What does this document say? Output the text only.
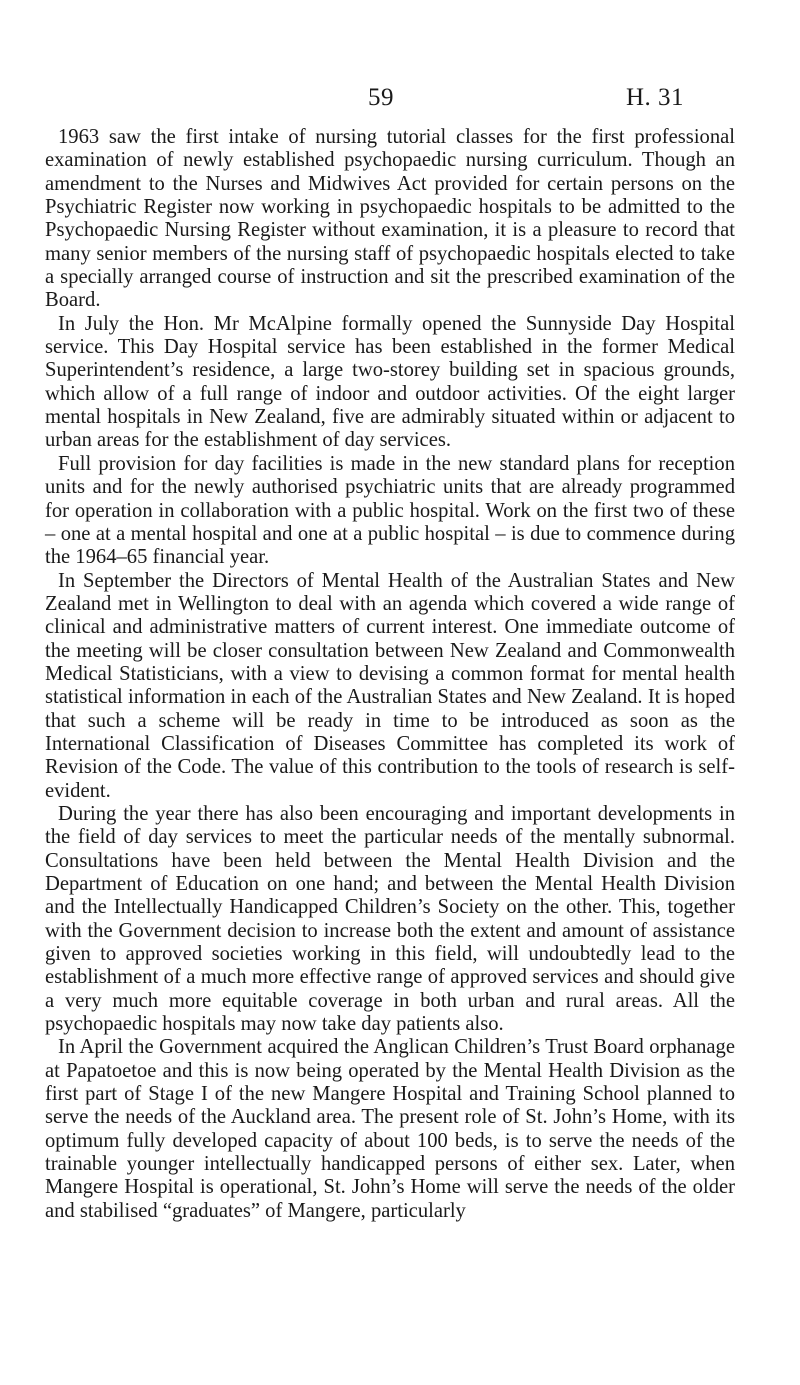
59	H. 31

1963 saw the first intake of nursing tutorial classes for the first professional examination of newly established psychopaedic nursing curriculum. Though an amendment to the Nurses and Midwives Act provided for certain persons on the Psychiatric Register now working in psychopaedic hospitals to be admitted to the Psychopaedic Nursing Register without examination, it is a pleasure to record that many senior members of the nursing staff of psychopaedic hospitals elected to take a specially arranged course of instruction and sit the prescribed examination of the Board.

In July the Hon. Mr McAlpine formally opened the Sunnyside Day Hospital service. This Day Hospital service has been established in the former Medical Superintendent’s residence, a large two-storey building set in spacious grounds, which allow of a full range of indoor and outdoor activities. Of the eight larger mental hospitals in New Zealand, five are admirably situated within or adjacent to urban areas for the establishment of day services.

Full provision for day facilities is made in the new standard plans for reception units and for the newly authorised psychiatric units that are already programmed for operation in collaboration with a public hospital. Work on the first two of these – one at a mental hospital and one at a public hospital – is due to commence during the 1964–65 financial year.

In September the Directors of Mental Health of the Australian States and New Zealand met in Wellington to deal with an agenda which covered a wide range of clinical and administrative matters of current interest. One immediate outcome of the meeting will be closer consultation between New Zealand and Commonwealth Medical Statisticians, with a view to devising a common format for mental health statistical information in each of the Australian States and New Zealand. It is hoped that such a scheme will be ready in time to be introduced as soon as the International Classification of Diseases Committee has completed its work of Revision of the Code. The value of this contribution to the tools of research is self-evident.

During the year there has also been encouraging and important developments in the field of day services to meet the particular needs of the mentally subnormal. Consultations have been held between the Mental Health Division and the Department of Education on one hand; and between the Mental Health Division and the Intellectually Handicapped Children’s Society on the other. This, together with the Government decision to increase both the extent and amount of assistance given to approved societies working in this field, will undoubtedly lead to the establishment of a much more effective range of approved services and should give a very much more equitable coverage in both urban and rural areas. All the psychopaedic hospitals may now take day patients also.

In April the Government acquired the Anglican Children’s Trust Board orphanage at Papatoetoe and this is now being operated by the Mental Health Division as the first part of Stage I of the new Mangere Hospital and Training School planned to serve the needs of the Auckland area. The present role of St. John’s Home, with its optimum fully developed capacity of about 100 beds, is to serve the needs of the trainable younger intellectually handicapped persons of either sex. Later, when Mangere Hospital is operational, St. John’s Home will serve the needs of the older and stabilised “graduates” of Mangere, particularly
